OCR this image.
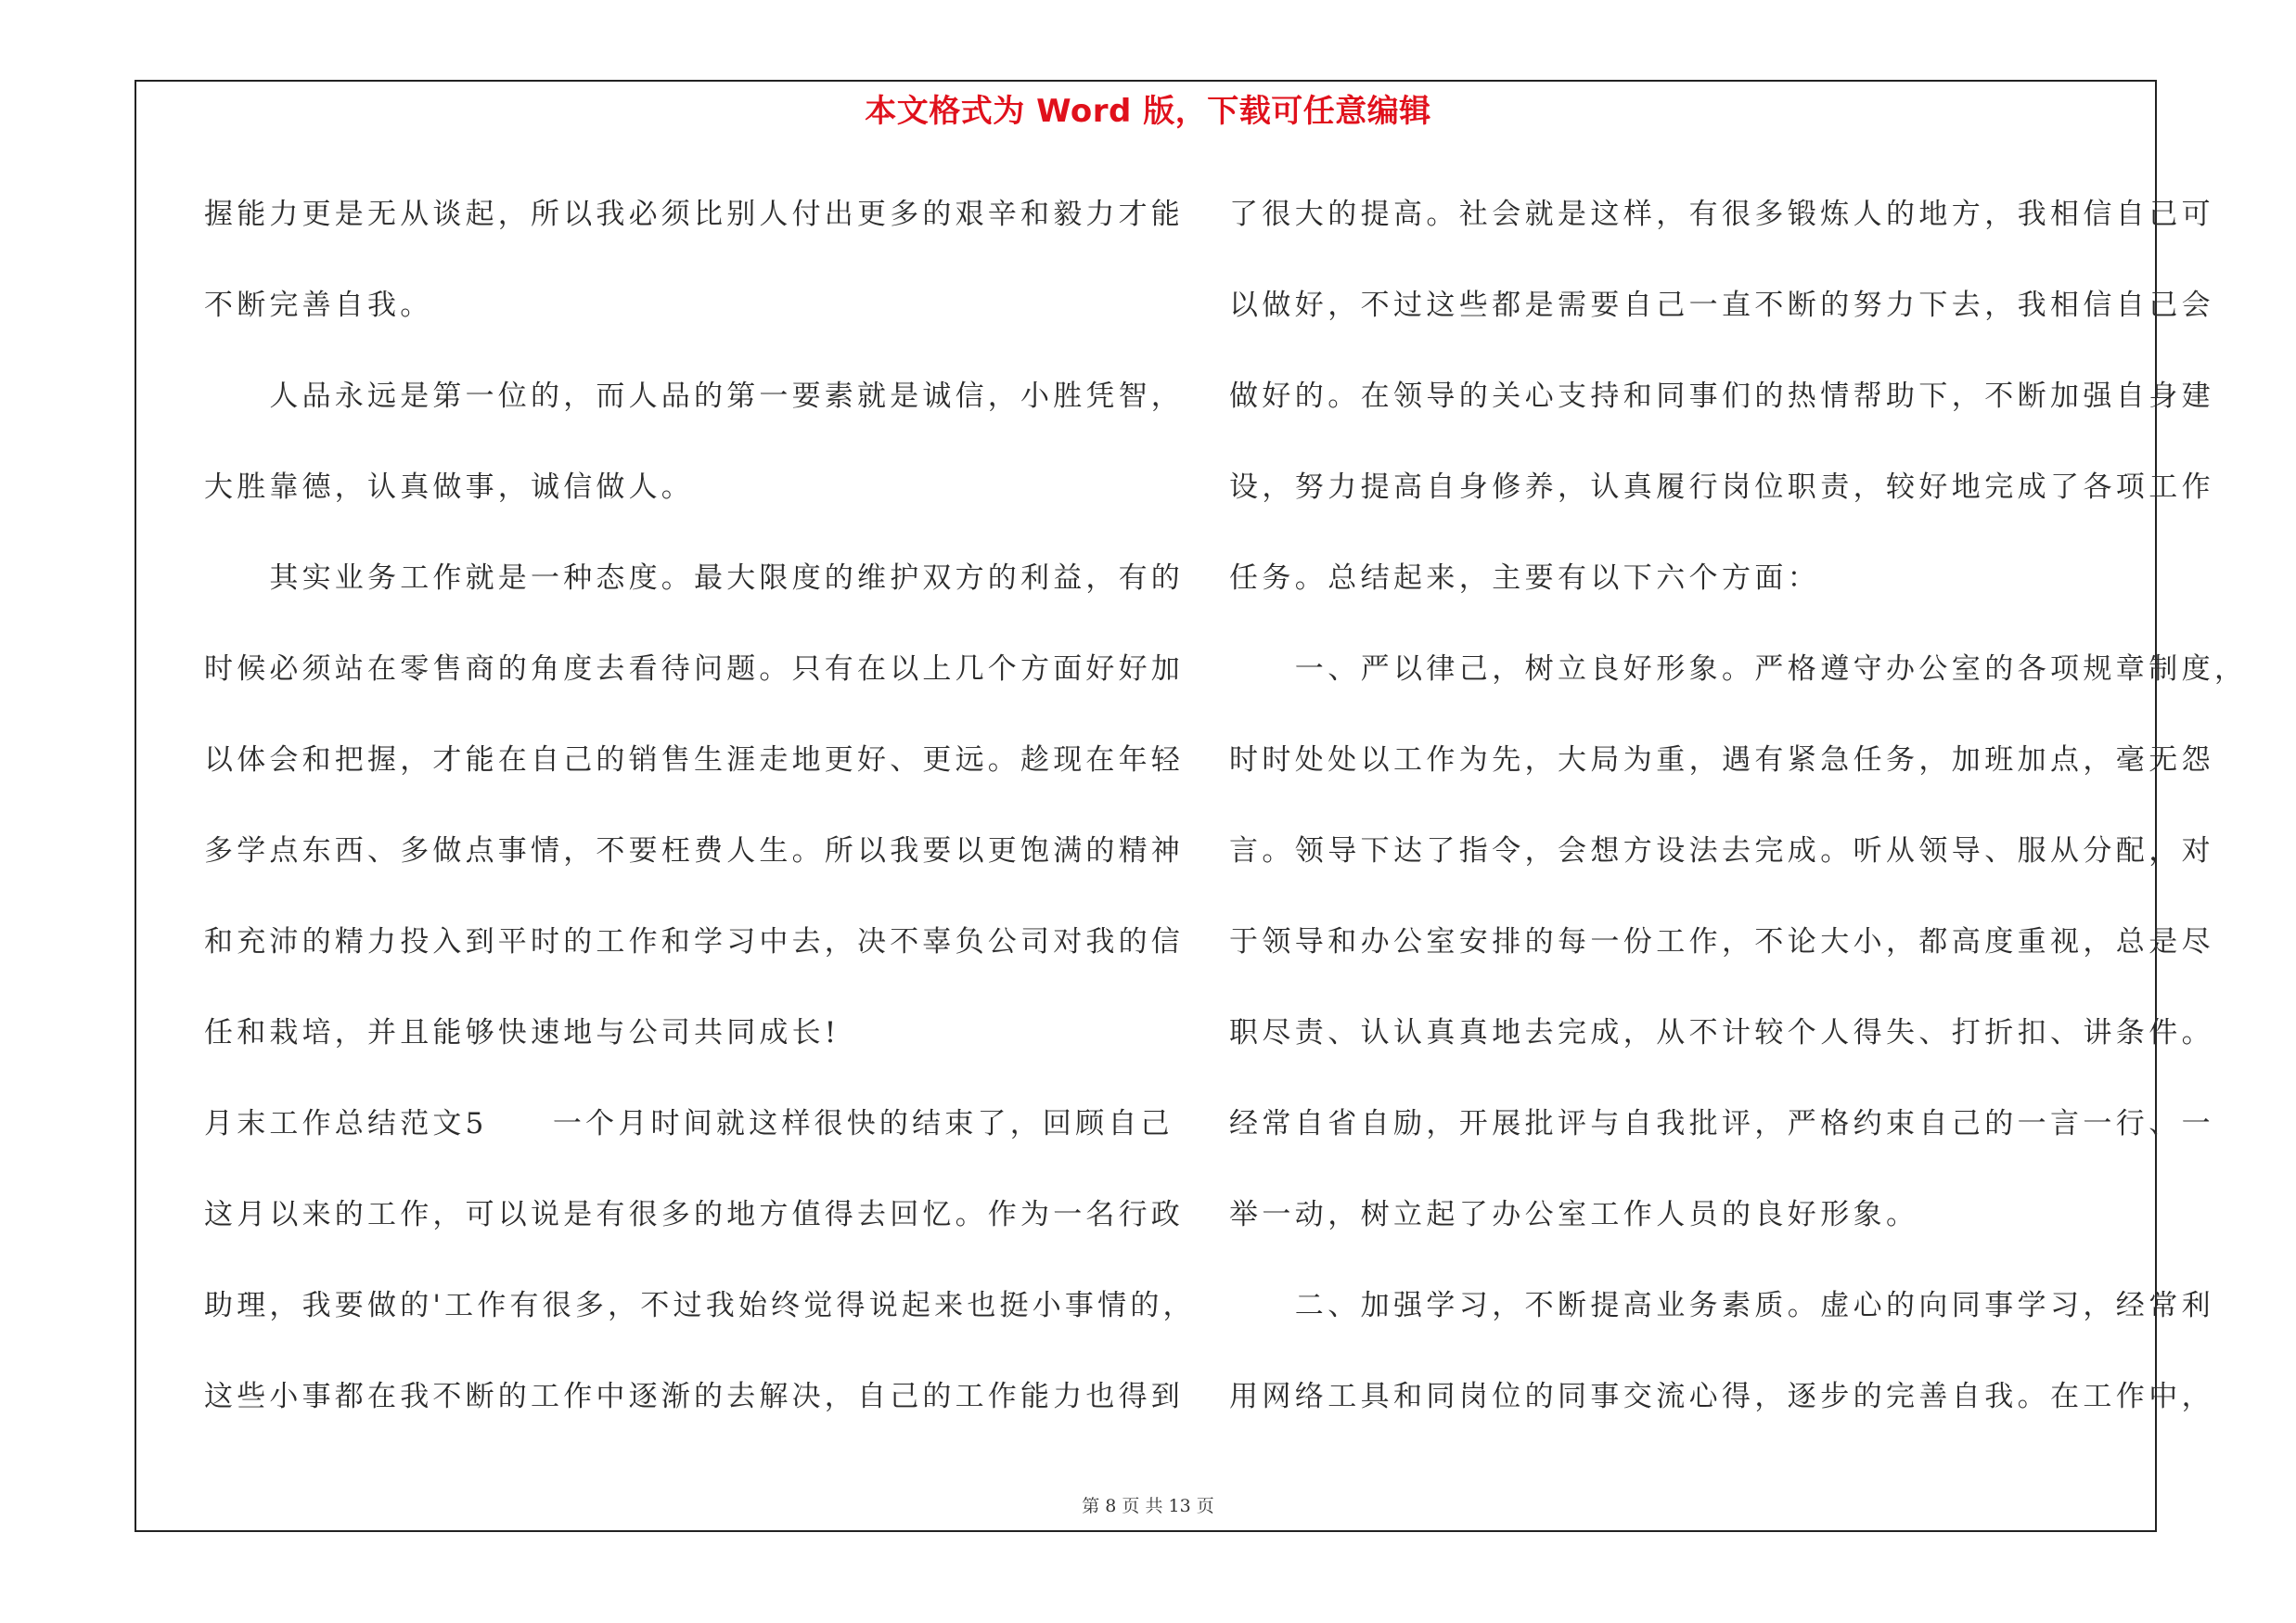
本文格式为 Word 版，下载可任意编辑
握能力更是无从谈起，所以我必须比别人付出更多的艰辛和毅力才能
不断完善自我。
　　人品永远是第一位的，而人品的第一要素就是诚信，小胜凭智，
大胜靠德，认真做事，诚信做人。
　　其实业务工作就是一种态度。最大限度的维护双方的利益，有的
时候必须站在零售商的角度去看待问题。只有在以上几个方面好好加
以体会和把握，才能在自己的销售生涯走地更好、更远。趁现在年轻
多学点东西、多做点事情，不要枉费人生。所以我要以更饱满的精神
和充沛的精力投入到平时的工作和学习中去，决不辜负公司对我的信
任和栽培，并且能够快速地与公司共同成长!
月末工作总结范文5　　一个月时间就这样很快的结束了，回顾自己
这月以来的工作，可以说是有很多的地方值得去回忆。作为一名行政
助理，我要做的'工作有很多，不过我始终觉得说起来也挺小事情的，
这些小事都在我不断的工作中逐渐的去解决，自己的工作能力也得到
了很大的提高。社会就是这样，有很多锻炼人的地方，我相信自己可
以做好，不过这些都是需要自己一直不断的努力下去，我相信自己会
做好的。在领导的关心支持和同事们的热情帮助下，不断加强自身建
设，努力提高自身修养，认真履行岗位职责，较好地完成了各项工作
任务。总结起来，主要有以下六个方面：
　　一、严以律己，树立良好形象。严格遵守办公室的各项规章制度，
时时处处以工作为先，大局为重，遇有紧急任务，加班加点，毫无怨
言。领导下达了指令，会想方设法去完成。听从领导、服从分配，对
于领导和办公室安排的每一份工作，不论大小，都高度重视，总是尽
职尽责、认认真真地去完成，从不计较个人得失、打折扣、讲条件。
经常自省自励，开展批评与自我批评，严格约束自己的一言一行、一
举一动，树立起了办公室工作人员的良好形象。
　　二、加强学习，不断提高业务素质。虚心的向同事学习，经常利
用网络工具和同岗位的同事交流心得，逐步的完善自我。在工作中，
第 8 页 共 13 页
